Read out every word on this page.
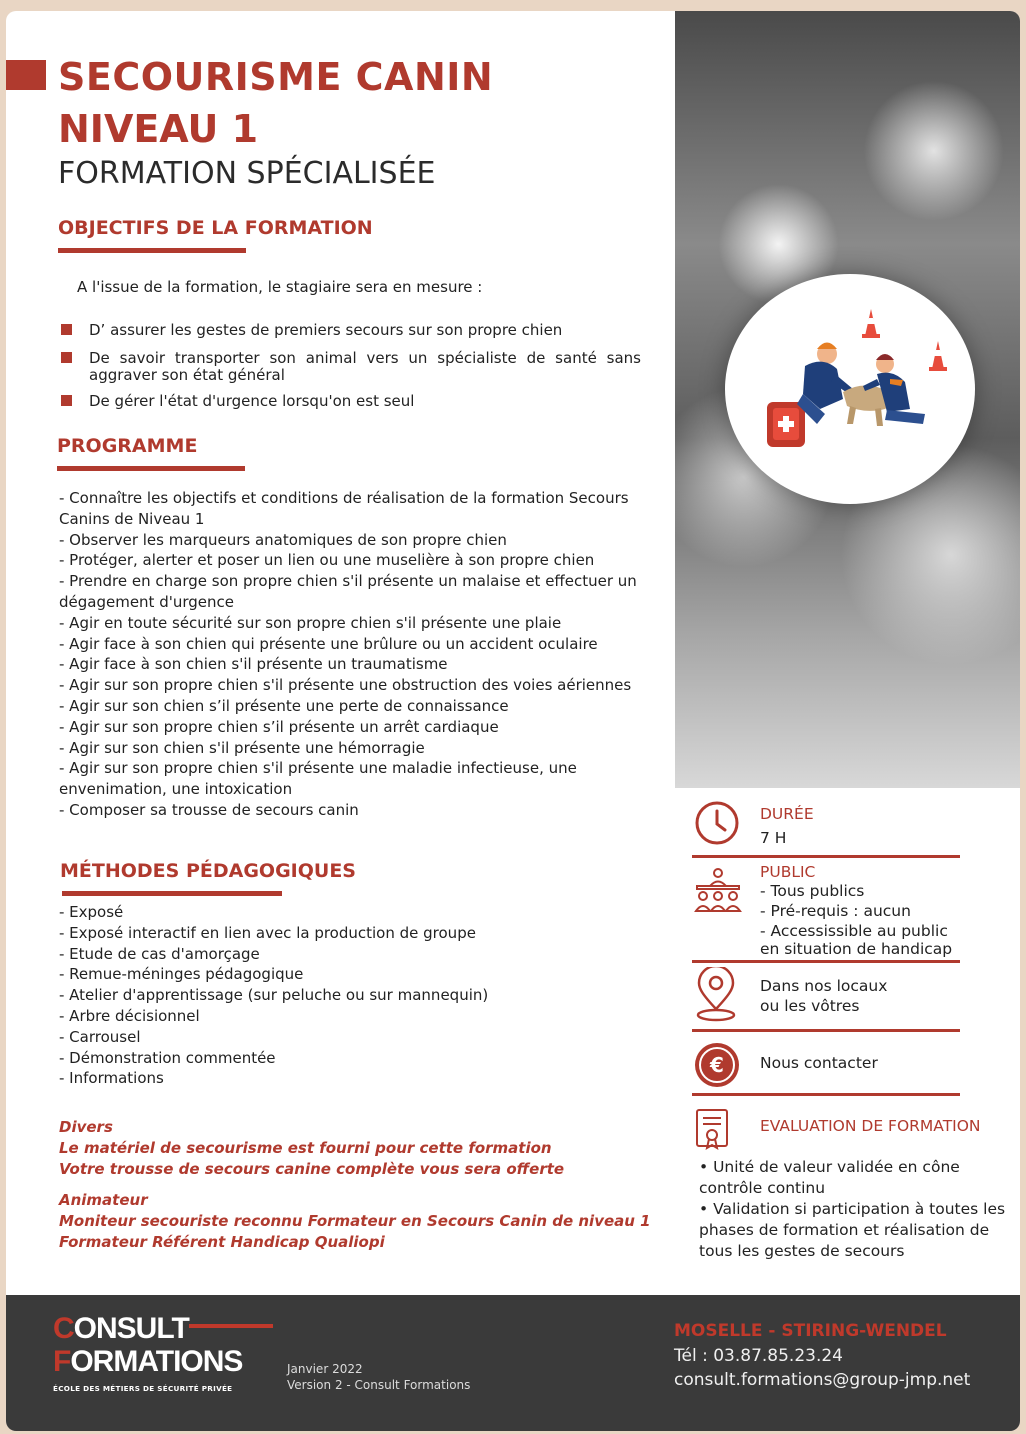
SECOURISME CANIN
NIVEAU 1
FORMATION SPÉCIALISÉE
OBJECTIFS DE LA FORMATION
A l'issue de la formation, le stagiaire sera en mesure :
D’ assurer les gestes de premiers secours sur son propre chien
De savoir transporter son animal vers un spécialiste de santé sans aggraver son état général
De gérer l'état d'urgence lorsqu'on est seul
PROGRAMME
- Connaître les objectifs et conditions de réalisation de la formation Secours Canins de Niveau 1
- Observer les marqueurs anatomiques de son propre chien
- Protéger, alerter et poser un lien ou une muselière à son propre chien
- Prendre en charge son propre chien s'il présente un malaise et effectuer un dégagement d'urgence
- Agir en toute sécurité sur son propre chien s'il présente une plaie
- Agir face à son chien qui présente une brûlure ou un accident oculaire
- Agir face à son chien s'il présente un traumatisme
- Agir sur son propre chien s'il présente une obstruction des voies aériennes
- Agir sur son chien s’il présente une perte de connaissance
- Agir sur son propre chien s’il présente un arrêt cardiaque
- Agir sur son chien s'il présente une hémorragie
- Agir sur son propre chien s'il présente une maladie infectieuse, une envenimation, une intoxication
- Composer sa trousse de secours canin
MÉTHODES PÉDAGOGIQUES
- Exposé
- Exposé interactif en lien avec la production de groupe
- Etude de cas d'amorçage
- Remue-méninges pédagogique
- Atelier d'apprentissage (sur peluche ou sur mannequin)
- Arbre décisionnel
- Carrousel
- Démonstration commentée
- Informations
Divers
Le matériel de secourisme est fourni pour cette formation
Votre trousse de secours canine complète vous sera offerte
Animateur
Moniteur secouriste reconnu Formateur en Secours Canin de niveau 1
Formateur Référent Handicap Qualiopi
DURÉE
7 H
PUBLIC
- Tous publics
- Pré-requis : aucun
- Accessissible au public
en situation de handicap
Dans nos locaux
ou les vôtres
€ Nous contacter
EVALUATION DE FORMATION
• Unité de valeur validée en cône contrôle continu
• Validation si participation à toutes les phases de formation et réalisation de tous les gestes de secours
CONSULT
FORMATIONS
ÉCOLE DES MÉTIERS DE SÉCURITÉ PRIVÉE
Janvier 2022
Version 2 - Consult Formations
MOSELLE - STIRING-WENDEL
Tél : 03.87.85.23.24
consult.formations@group-jmp.net
